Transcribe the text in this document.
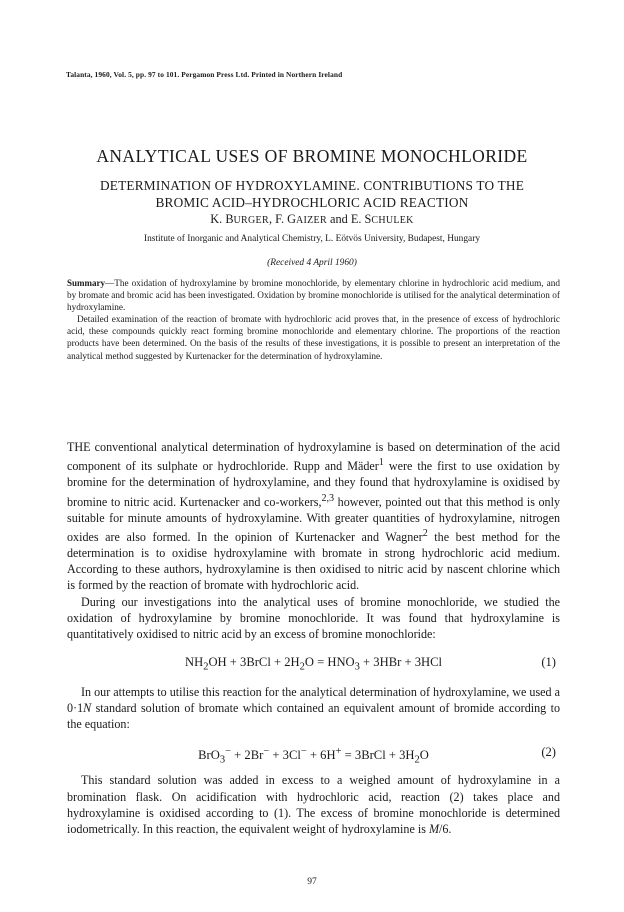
Talanta, 1960, Vol. 5, pp. 97 to 101. Pergamon Press Ltd. Printed in Northern Ireland
ANALYTICAL USES OF BROMINE MONOCHLORIDE
DETERMINATION OF HYDROXYLAMINE. CONTRIBUTIONS TO THE
BROMIC ACID–HYDROCHLORIC ACID REACTION
K. BURGER, F. GAIZER and E. SCHULEK
Institute of Inorganic and Analytical Chemistry, L. Eötvös University, Budapest, Hungary
(Received 4 April 1960)

Summary—The oxidation of hydroxylamine by bromine monochloride, by elementary chlorine in hydrochloric acid medium, and by bromate and bromic acid has been investigated. Oxidation by bromine monochloride is utilised for the analytical determination of hydroxylamine.

Detailed examination of the reaction of bromate with hydrochloric acid proves that, in the presence of excess of hydrochloric acid, these compounds quickly react forming bromine monochloride and elementary chlorine. The proportions of the reaction products have been determined. On the basis of the results of these investigations, it is possible to present an interpretation of the analytical method suggested by Kurtenacker for the determination of hydroxylamine.

THE conventional analytical determination of hydroxylamine is based on determination of the acid component of its sulphate or hydrochloride. Rupp and Mäder$^1$ were the first to use oxidation by bromine for the determination of hydroxylamine, and they found that hydroxylamine is oxidised by bromine to nitric acid. Kurtenacker and co-workers,$^{2,3}$ however, pointed out that this method is only suitable for minute amounts of hydroxylamine. With greater quantities of hydroxylamine, nitrogen oxides are also formed. In the opinion of Kurtenacker and Wagner$^2$ the best method for the determination is to oxidise hydroxylamine with bromate in strong hydrochloric acid medium. According to these authors, hydroxylamine is then oxidised to nitric acid by nascent chlorine which is formed by the reaction of bromate with hydrochloric acid.

During our investigations into the analytical uses of bromine monochloride, we studied the oxidation of hydroxylamine by bromine monochloride. It was found that hydroxylamine is quantitatively oxidised to nitric acid by an excess of bromine monochloride:

$NH_2OH$ + 3BrCl + $2H_2O = HNO_3 + 3HBr + 3HCl$	(1)

In our attempts to utilise this reaction for the analytical determination of hydroxylamine, we used a 0·1N standard solution of bromate which contained an equivalent amount of bromide according to the equation:

BrO$_3$− + 2Br− + 3Cl− + 6H+ = 3BrCl + $3H_2O$	(2)

This standard solution was added in excess to a weighed amount of hydroxylamine in a bromination flask. On acidification with hydrochloric acid, reaction (2) takes place and hydroxylamine is oxidised according to (1). The excess of bromine monochloride is determined iodometrically. In this reaction, the equivalent weight of hydroxylamine is M/6.

97
